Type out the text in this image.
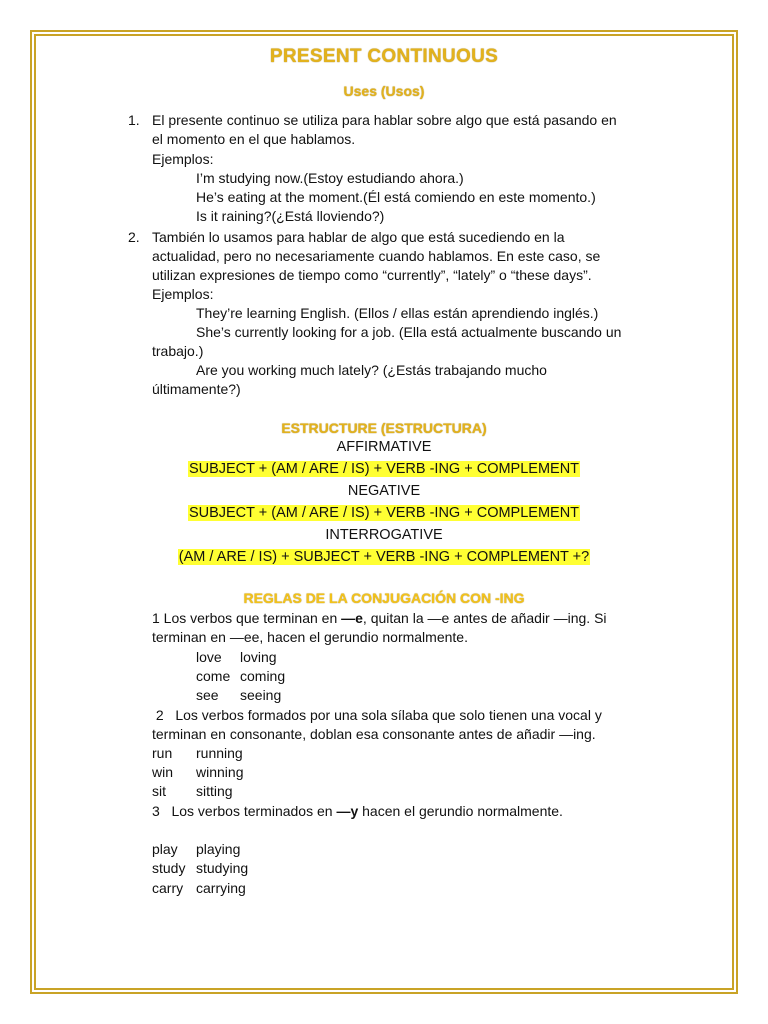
PRESENT CONTINUOUS
Uses (Usos)
1. El presente continuo se utiliza para hablar sobre algo que está pasando en
el momento en el que hablamos.
Ejemplos:
I’m studying now.(Estoy estudiando ahora.)
He’s eating at the moment.(Él está comiendo en este momento.)
Is it raining?(¿Está lloviendo?)
2. También lo usamos para hablar de algo que está sucediendo en la
actualidad, pero no necesariamente cuando hablamos. En este caso, se
utilizan expresiones de tiempo como “currently”, “lately” o “these days”.
Ejemplos:
They’re learning English. (Ellos / ellas están aprendiendo inglés.)
She’s currently looking for a job. (Ella está actualmente buscando un
trabajo.)
Are you working much lately? (¿Estás trabajando mucho
últimamente?)
ESTRUCTURE (ESTRUCTURA)
AFFIRMATIVE
SUBJECT + (AM / ARE / IS) + VERB -ING + COMPLEMENT
NEGATIVE
SUBJECT + (AM / ARE / IS) + VERB -ING + COMPLEMENT
INTERROGATIVE
(AM / ARE / IS) + SUBJECT + VERB -ING + COMPLEMENT +?
REGLAS DE LA CONJUGACIÓN CON -ING
1 Los verbos que terminan en —e, quitan la —e antes de añadir —ing. Si
terminan en —ee, hacen el gerundio normalmente.
love loving
come coming
see seeing
2   Los verbos formados por una sola sílaba que solo tienen una vocal y
terminan en consonante, doblan esa consonante antes de añadir —ing.
run running
win winning
sit sitting
3   Los verbos terminados en —y hacen el gerundio normalmente.
play playing
study studying
carry carrying
